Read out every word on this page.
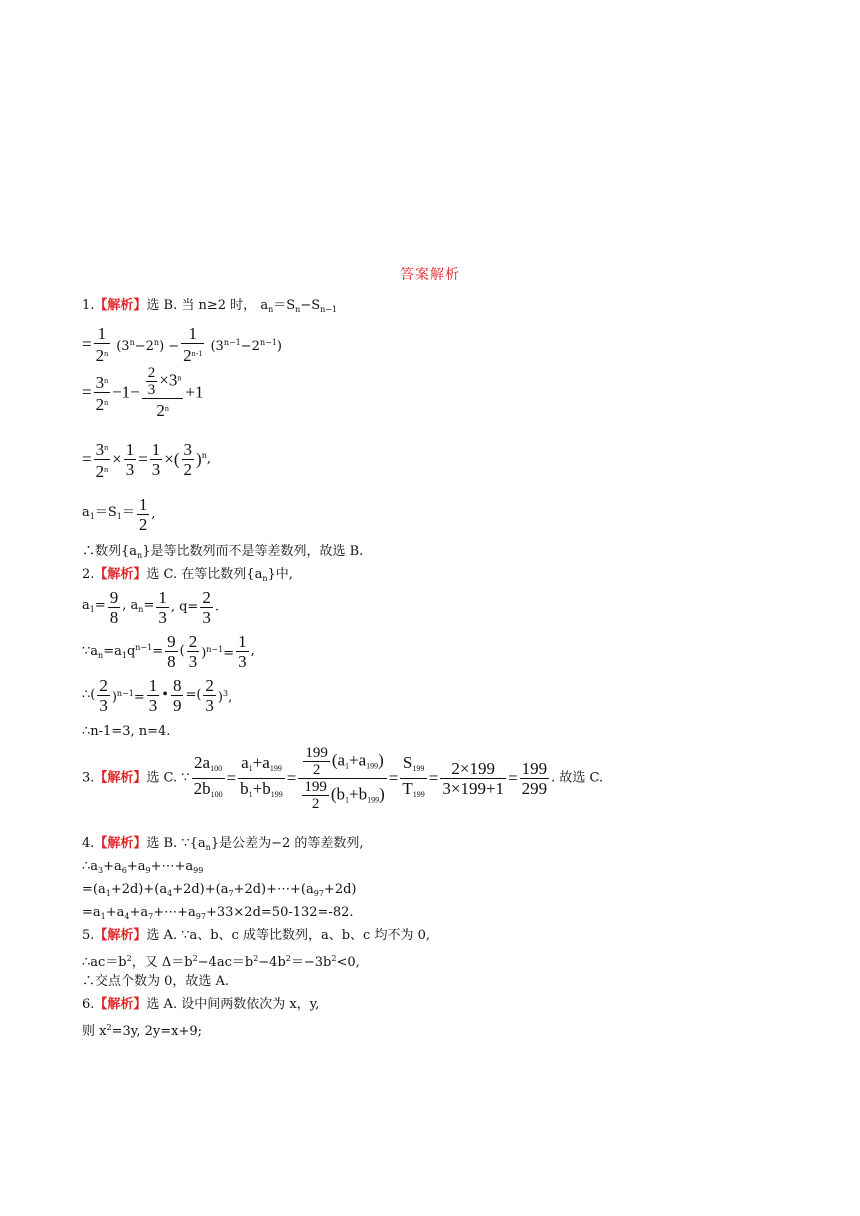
答案解析
1.【解析】选 B. 当 n≥2 时， $a_n=S_n-S_{n-1}$
= $\frac{1}{2^n} (3^n-2^n) - \frac{1}{2^{n-1}} (3^{n-1}-2^{n-1})$
= $\frac{3^n}{2^n} -1- \frac{\frac{2}{3} \times 3^n}{2^n} +1$
= $\frac{3^n}{2^n} \times \frac{1}{3} = \frac{1}{3}$ ×( $\frac{3}{2} )^n$,
$a_1=S_1= \frac{1}{2}$ ,
∴数列$\{a_n\}$是等比数列而不是等差数列，故选 B.
2.【解析】选 C. 在等比数列$\{a_n\}$中,
$a_1= \frac{9}{8}$ , $a_n= \frac{1}{3}$ , $q= \frac{2}{3}$ .
$\because a_n=a_1q^{n-1}= \frac{9}{8}$ ( $\frac{2}{3} )^{n-1}= \frac{1}{3}$ ,
∴( $\frac{2}{3} )^{n-1}= \frac{1}{3}$ • $\frac{8}{9}$ =( $\frac{2}{3} )^3$,
∴n-1=3, n=4.
3.【解析】选 C. ∵ $\frac{2a_{100}}{2b_{100}} = \frac{a_1+a_{199}}{b_1+b_{199}} = \frac{\frac{199}{2} (a_1+a_{199})}{\frac{199}{2} (b_1+b_{199})} = \frac{S_{199}}{T_{199}} = \frac{2\times 199}{3\times 199+1} = \frac{199}{299}$ . 故选 C.
4.【解析】选 B. $\because\{a_n\}$是公差为−2 的等差数列,
$\therefore a_3+a_6+a_9+\cdots+a_{99}$
$=(a_1+2d)+(a_4+2d)+(a_7+2d)+\cdots+(a_{97}+2d)$
$=a_1+a_4+a_7+\cdots+a_{97}+33\times 2d=50-132=-82$.
5.【解析】选 A. ∵a、b、c 成等比数列，a、b、c 均不为 0,
$\therefore ac=b^2$，又 $\Delta=b^2-4ac=b^2-4b^2=-3b^2<0$,
∴交点个数为 0，故选 A.
6.【解析】选 A. 设中间两数依次为 x，y,
则 $x^2=3y$, 2y=x+9;
